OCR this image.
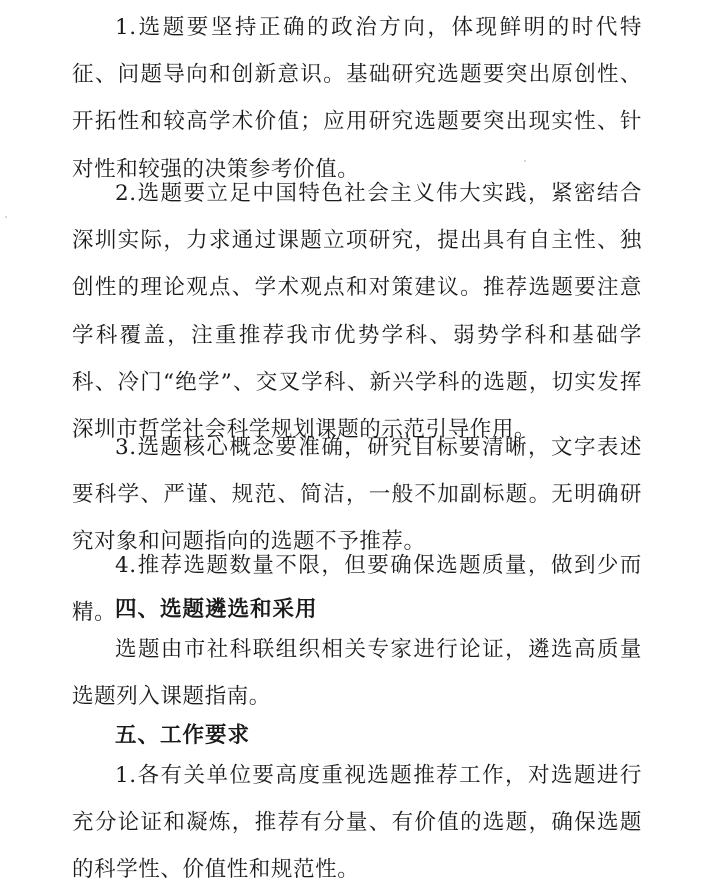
1.选题要坚持正确的政治方向，体现鲜明的时代特征、问题导向和创新意识。基础研究选题要突出原创性、开拓性和较高学术价值；应用研究选题要突出现实性、针对性和较强的决策参考价值。

2.选题要立足中国特色社会主义伟大实践，紧密结合深圳实际，力求通过课题立项研究，提出具有自主性、独创性的理论观点、学术观点和对策建议。推荐选题要注意学科覆盖，注重推荐我市优势学科、弱势学科和基础学科、冷门“绝学”、交叉学科、新兴学科的选题，切实发挥深圳市哲学社会科学规划课题的示范引导作用。

3.选题核心概念要准确，研究目标要清晰，文字表述要科学、严谨、规范、简洁，一般不加副标题。无明确研究对象和问题指向的选题不予推荐。

4.推荐选题数量不限，但要确保选题质量，做到少而精。

四、选题遴选和采用

选题由市社科联组织相关专家进行论证，遴选高质量选题列入课题指南。

五、工作要求

1.各有关单位要高度重视选题推荐工作，对选题进行充分论证和凝炼，推荐有分量、有价值的选题，确保选题的科学性、价值性和规范性。
